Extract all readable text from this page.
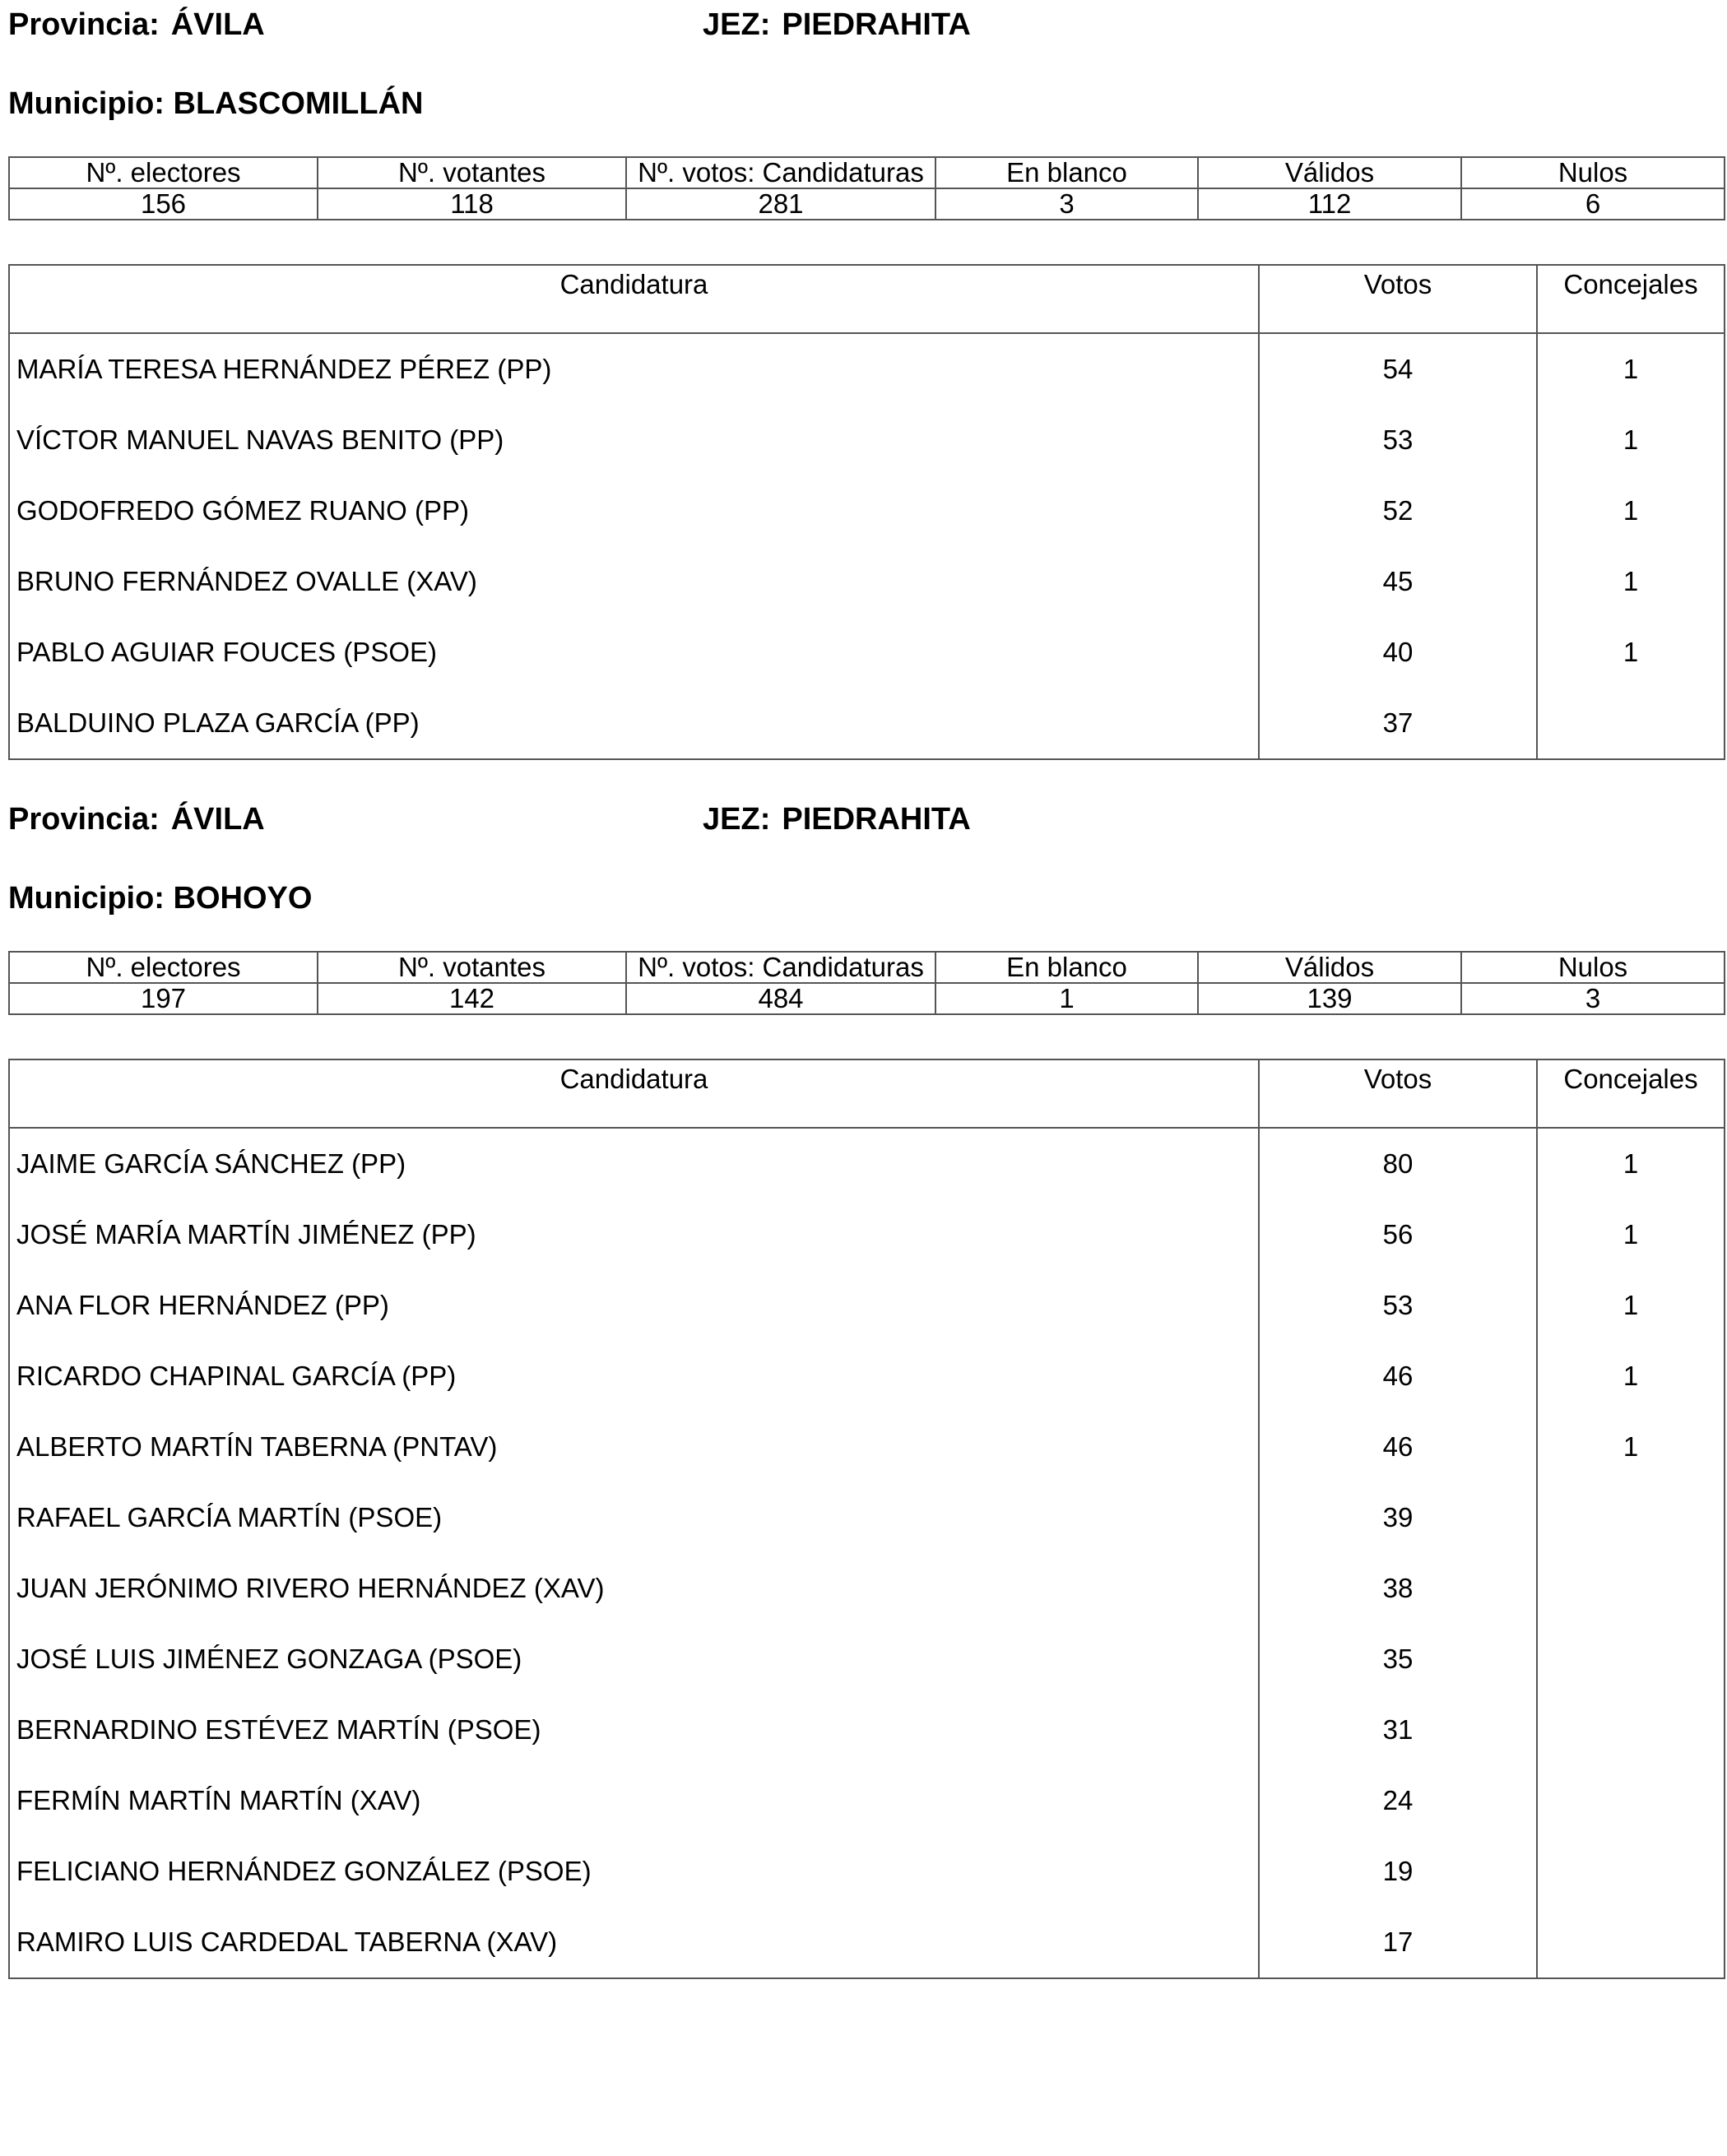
Provincia: ÁVILA	JEZ: PIEDRAHITA
Municipio: BLASCOMILLÁN
Nº. electores	Nº. votantes	Nº. votos: Candidaturas	En blanco	Válidos	Nulos
156	118	281	3	112	6
Candidatura	Votos	Concejales
MARÍA TERESA HERNÁNDEZ PÉREZ (PP)	54	1
VÍCTOR MANUEL NAVAS BENITO (PP)	53	1
GODOFREDO GÓMEZ RUANO (PP)	52	1
BRUNO FERNÁNDEZ OVALLE (XAV)	45	1
PABLO AGUIAR FOUCES (PSOE)	40	1
BALDUINO PLAZA GARCÍA (PP)	37	
Provincia: ÁVILA	JEZ: PIEDRAHITA
Municipio: BOHOYO
Nº. electores	Nº. votantes	Nº. votos: Candidaturas	En blanco	Válidos	Nulos
197	142	484	1	139	3
Candidatura	Votos	Concejales
JAIME GARCÍA SÁNCHEZ (PP)	80	1
JOSÉ MARÍA MARTÍN JIMÉNEZ (PP)	56	1
ANA FLOR HERNÁNDEZ (PP)	53	1
RICARDO CHAPINAL GARCÍA (PP)	46	1
ALBERTO MARTÍN TABERNA (PNTAV)	46	1
RAFAEL GARCÍA MARTÍN (PSOE)	39	
JUAN JERÓNIMO RIVERO HERNÁNDEZ (XAV)	38	
JOSÉ LUIS JIMÉNEZ GONZAGA (PSOE)	35	
BERNARDINO ESTÉVEZ MARTÍN (PSOE)	31	
FERMÍN MARTÍN MARTÍN (XAV)	24	
FELICIANO HERNÁNDEZ GONZÁLEZ (PSOE)	19	
RAMIRO LUIS CARDEDAL TABERNA (XAV)	17	
